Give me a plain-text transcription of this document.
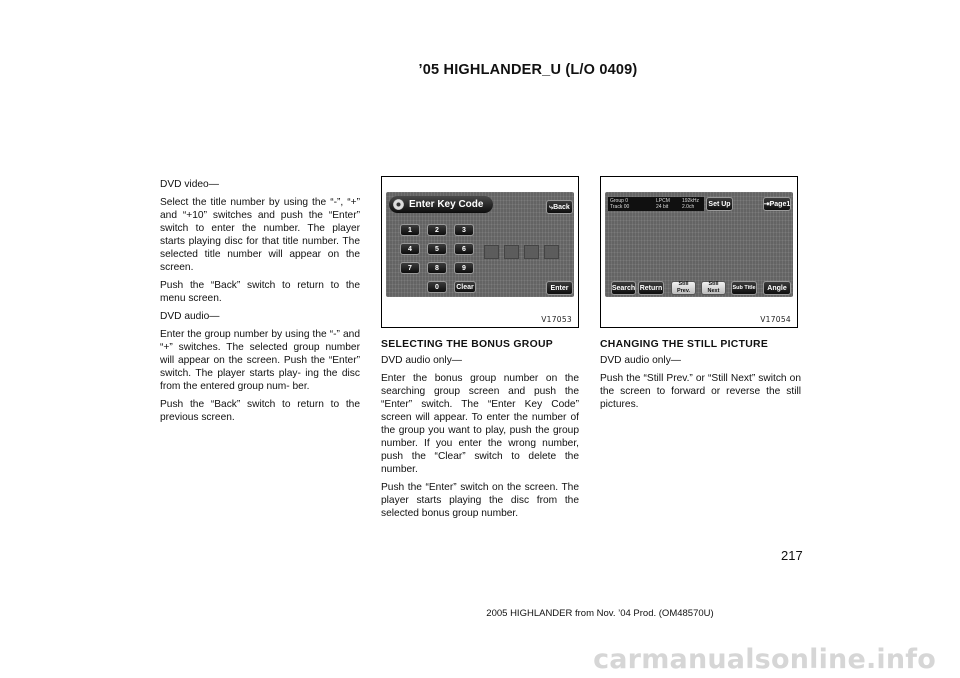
’05 HIGHLANDER_U (L/O 0409)

DVD video—

Select the title number by using the “-”, “+” and “+10” switches and push the “Enter” switch to enter the number. The player starts playing disc for that title number. The selected title number will appear on the screen.

Push the “Back” switch to return to the menu screen.

DVD audio—

Enter the group number by using the “-” and “+” switches. The selected group number will appear on the screen. Push the “Enter” switch. The player starts play- ing the disc from the entered group num- ber.

Push the “Back” switch to return to the previous screen.

Enter Key Code	⤷ Back
1	2	3
4	5	6
7	8	9
0	Clear	Enter
V17053
Group 0
Track 00
LPCM
24 bit
192kHz
2.0ch	Set Up	⇥ Page1
Search Return
Still Prev.
Still Next
Sub Title	Angle
V17054
SELECTING THE BONUS GROUP

DVD audio only—

Enter the bonus group number on the searching group screen and push the “Enter” switch. The “Enter Key Code” screen will appear. To enter the number of the group you want to play, push the group number. If you enter the wrong number, push the “Clear” switch to delete the number.

Push the “Enter” switch on the screen. The player starts playing the disc from the selected bonus group number.

CHANGING THE STILL PICTURE

DVD audio only—

Push the “Still Prev.” or “Still Next” switch on the screen to forward or reverse the still pictures.

217
2005 HIGHLANDER from Nov. ’04 Prod. (OM48570U)
carmanualsonline.info
